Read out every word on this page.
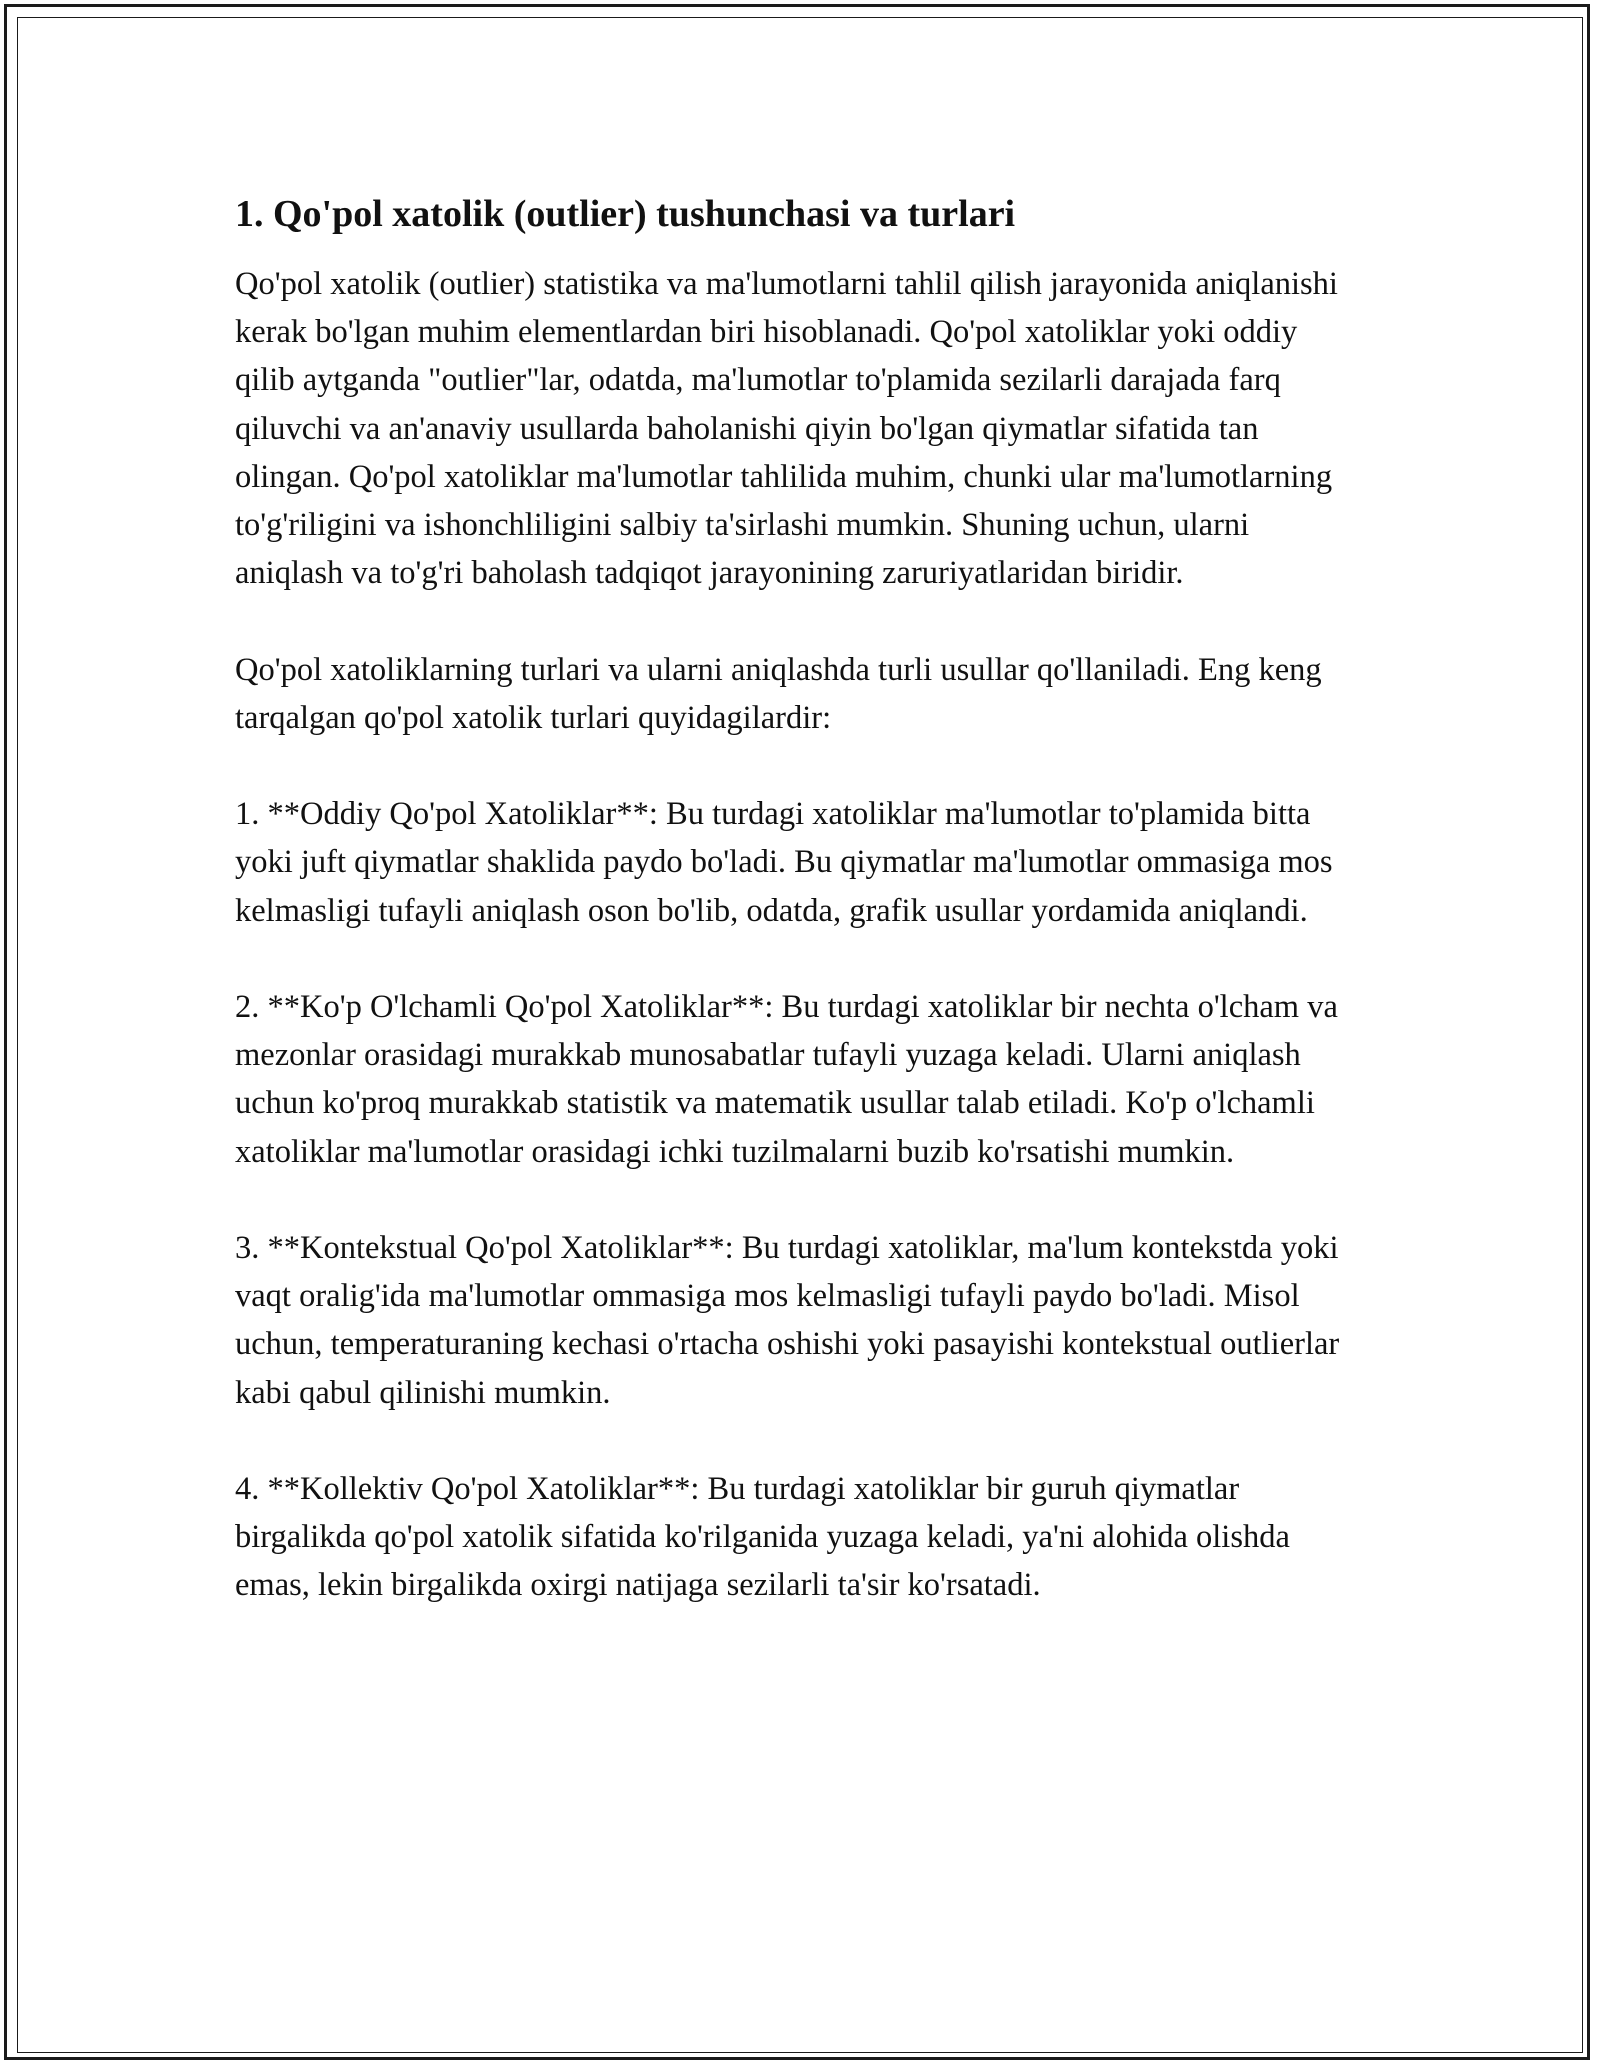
1. Qo'pol xatolik (outlier) tushunchasi va turlari

Qo'pol xatolik (outlier) statistika va ma'lumotlarni tahlil qilish jarayonida aniqlanishi kerak bo'lgan muhim elementlardan biri hisoblanadi. Qo'pol xatoliklar yoki oddiy qilib aytganda "outlier"lar, odatda, ma'lumotlar to'plamida sezilarli darajada farq qiluvchi va an'anaviy usullarda baholanishi qiyin bo'lgan qiymatlar sifatida tan olingan. Qo'pol xatoliklar ma'lumotlar tahlilida muhim, chunki ular ma'lumotlarning to'g'riligini va ishonchliligini salbiy ta'sirlashi mumkin. Shuning uchun, ularni aniqlash va to'g'ri baholash tadqiqot jarayonining zaruriyatlaridan biridir.

Qo'pol xatoliklarning turlari va ularni aniqlashda turli usullar qo'llaniladi. Eng keng tarqalgan qo'pol xatolik turlari quyidagilardir:

1. **Oddiy Qo'pol Xatoliklar**: Bu turdagi xatoliklar ma'lumotlar to'plamida bitta yoki juft qiymatlar shaklida paydo bo'ladi. Bu qiymatlar ma'lumotlar ommasiga mos kelmasligi tufayli aniqlash oson bo'lib, odatda, grafik usullar yordamida aniqlandi.

2. **Ko'p O'lchamli Qo'pol Xatoliklar**: Bu turdagi xatoliklar bir nechta o'lcham va mezonlar orasidagi murakkab munosabatlar tufayli yuzaga keladi. Ularni aniqlash uchun ko'proq murakkab statistik va matematik usullar talab etiladi. Ko'p o'lchamli xatoliklar ma'lumotlar orasidagi ichki tuzilmalarni buzib ko'rsatishi mumkin.

3. **Kontekstual Qo'pol Xatoliklar**: Bu turdagi xatoliklar, ma'lum kontekstda yoki vaqt oralig'ida ma'lumotlar ommasiga mos kelmasligi tufayli paydo bo'ladi. Misol uchun, temperaturaning kechasi o'rtacha oshishi yoki pasayishi kontekstual outlierlar kabi qabul qilinishi mumkin.

4. **Kollektiv Qo'pol Xatoliklar**: Bu turdagi xatoliklar bir guruh qiymatlar birgalikda qo'pol xatolik sifatida ko'rilganida yuzaga keladi, ya'ni alohida olishda emas, lekin birgalikda oxirgi natijaga sezilarli ta'sir ko'rsatadi.
